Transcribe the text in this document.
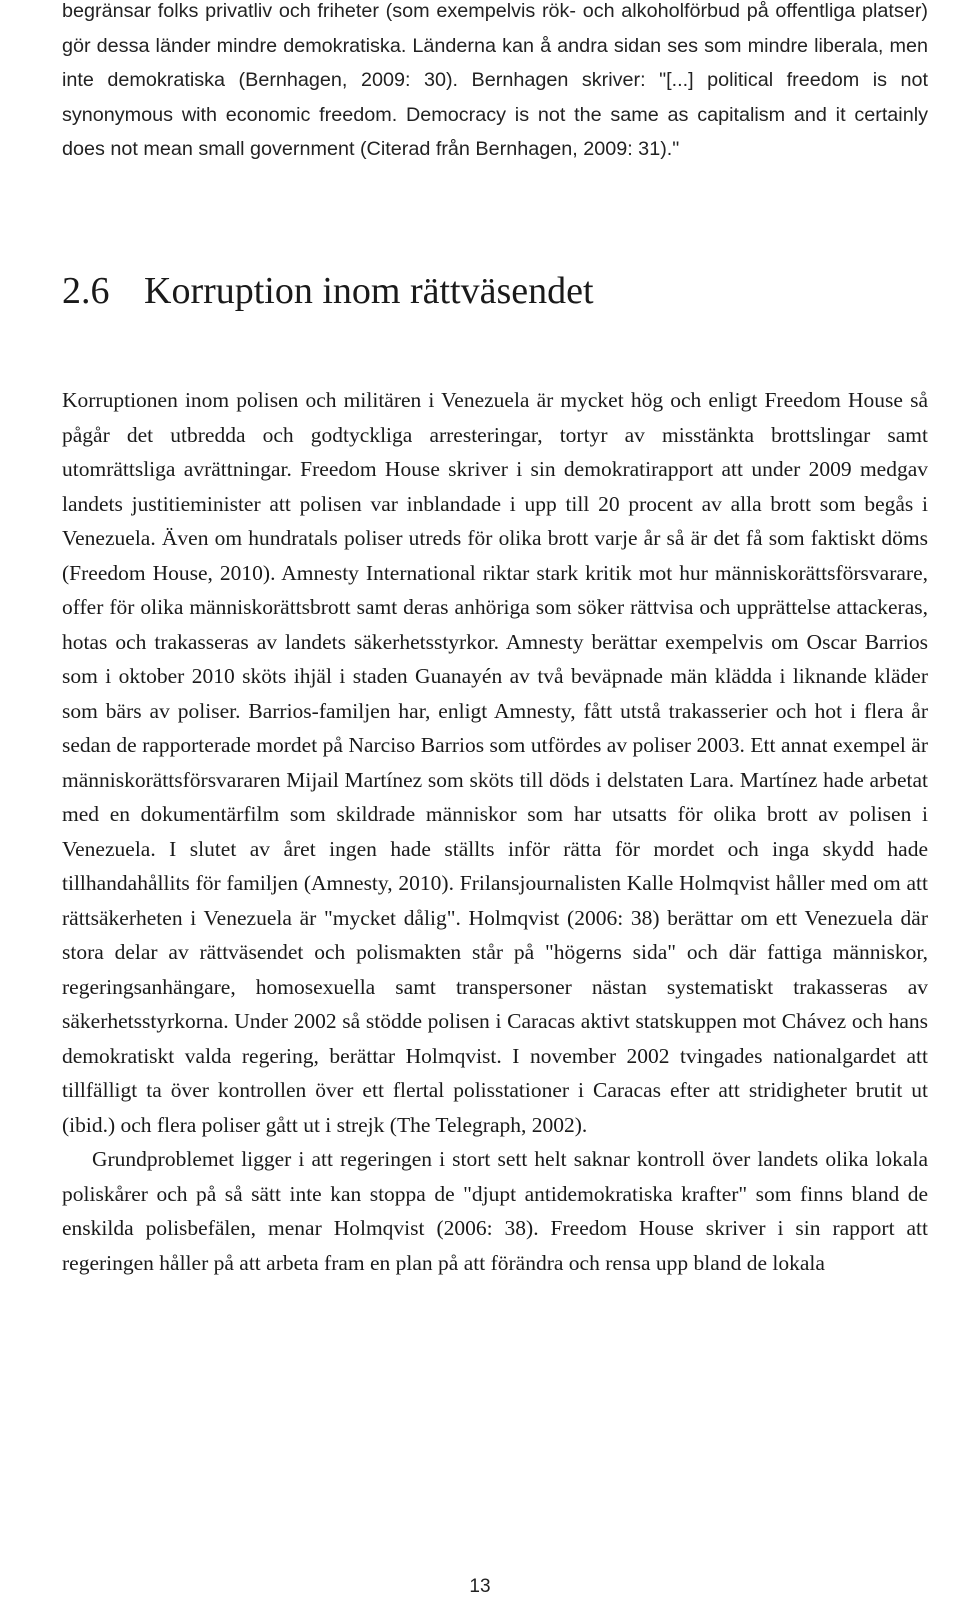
begränsar folks privatliv och friheter (som exempelvis rök- och alkoholförbud på offentliga platser) gör dessa länder mindre demokratiska. Länderna kan å andra sidan ses som mindre liberala, men inte demokratiska (Bernhagen, 2009: 30). Bernhagen skriver: "[...] political freedom is not synonymous with economic freedom. Democracy is not the same as capitalism and it certainly does not mean small government (Citerad från Bernhagen, 2009: 31)."

2.6 Korruption inom rättväsendet

Korruptionen inom polisen och militären i Venezuela är mycket hög och enligt Freedom House så pågår det utbredda och godtyckliga arresteringar, tortyr av misstänkta brottslingar samt utomrättsliga avrättningar. Freedom House skriver i sin demokratirapport att under 2009 medgav landets justitieminister att polisen var inblandade i upp till 20 procent av alla brott som begås i Venezuela. Även om hundratals poliser utreds för olika brott varje år så är det få som faktiskt döms (Freedom House, 2010). Amnesty International riktar stark kritik mot hur människorättsförsvarare, offer för olika människorättsbrott samt deras anhöriga som söker rättvisa och upprättelse attackeras, hotas och trakasseras av landets säkerhetsstyrkor. Amnesty berättar exempelvis om Oscar Barrios som i oktober 2010 sköts ihjäl i staden Guanayén av två beväpnade män klädda i liknande kläder som bärs av poliser. Barrios-familjen har, enligt Amnesty, fått utstå trakasserier och hot i flera år sedan de rapporterade mordet på Narciso Barrios som utfördes av poliser 2003. Ett annat exempel är människorättsförsvararen Mijail Martínez som sköts till döds i delstaten Lara. Martínez hade arbetat med en dokumentärfilm som skildrade människor som har utsatts för olika brott av polisen i Venezuela. I slutet av året ingen hade ställts inför rätta för mordet och inga skydd hade tillhandahållits för familjen (Amnesty, 2010). Frilansjournalisten Kalle Holmqvist håller med om att rättsäkerheten i Venezuela är "mycket dålig". Holmqvist (2006: 38) berättar om ett Venezuela där stora delar av rättväsendet och polismakten står på "högerns sida" och där fattiga människor, regeringsanhängare, homosexuella samt transpersoner nästan systematiskt trakasseras av säkerhetsstyrkorna. Under 2002 så stödde polisen i Caracas aktivt statskuppen mot Chávez och hans demokratiskt valda regering, berättar Holmqvist. I november 2002 tvingades nationalgardet att tillfälligt ta över kontrollen över ett flertal polisstationer i Caracas efter att stridigheter brutit ut (ibid.) och flera poliser gått ut i strejk (The Telegraph, 2002).

Grundproblemet ligger i att regeringen i stort sett helt saknar kontroll över landets olika lokala poliskårer och på så sätt inte kan stoppa de "djupt antidemokratiska krafter" som finns bland de enskilda polisbefälen, menar Holmqvist (2006: 38). Freedom House skriver i sin rapport att regeringen håller på att arbeta fram en plan på att förändra och rensa upp bland de lokala

13
